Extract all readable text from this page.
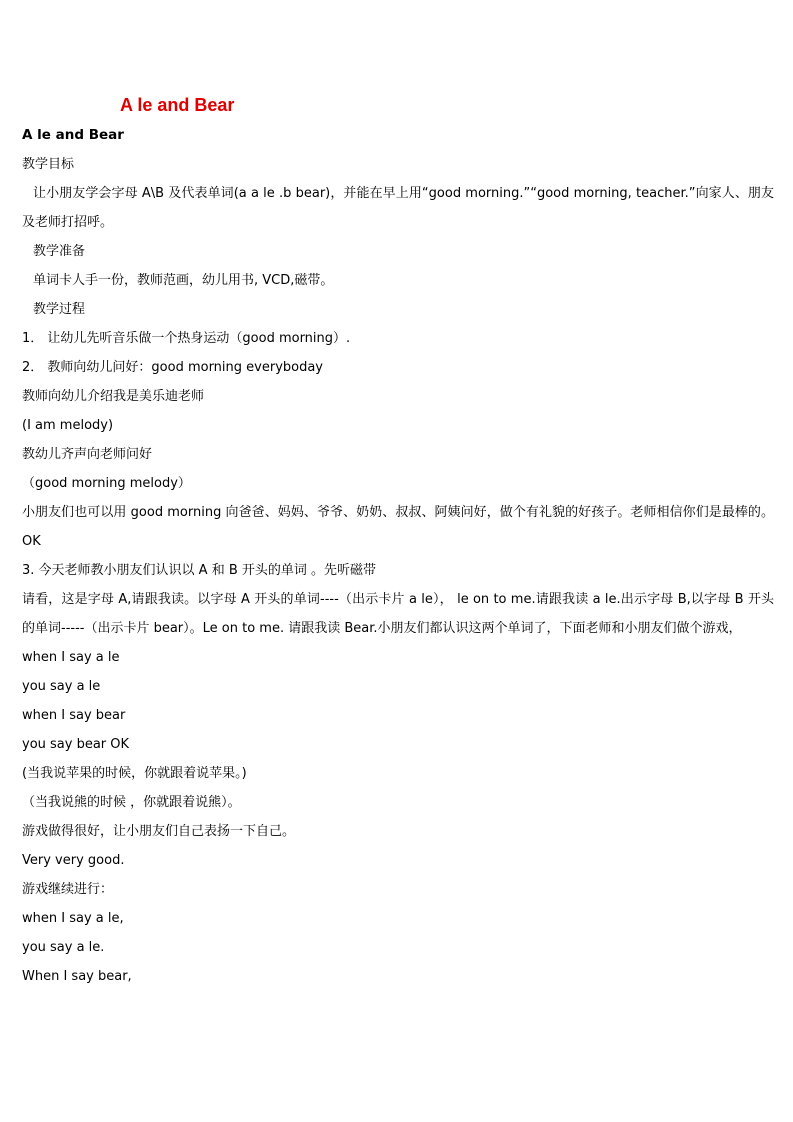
A le and Bear
A le and Bear
教学目标
让小朋友学会字母 A\B 及代表单词(a a le .b bear)，并能在早上用“good morning.”“good morning, teacher.”向家人、朋友及老师打招呼。
教学准备
单词卡人手一份，教师范画，幼儿用书, VCD,磁带。
教学过程
1． 让幼儿先听音乐做一个热身运动（good morning）.
2． 教师向幼儿问好：good morning everyboday
教师向幼儿介绍我是美乐迪老师
(I am melody)
教幼儿齐声向老师问好
（good morning melody）
小朋友们也可以用 good morning 向爸爸、妈妈、爷爷、奶奶、叔叔、阿姨问好，做个有礼貌的好孩子。老师相信你们是最棒的。OK
3. 今天老师教小朋友们认识以 A 和 B 开头的单词 。先听磁带
请看，这是字母 A,请跟我读。以字母 A 开头的单词----（出示卡片 a le）， le on to me.请跟我读 a le.出示字母 B,以字母 B 开头的单词-----（出示卡片 bear）。Le on to me. 请跟我读 Bear.小朋友们都认识这两个单词了，下面老师和小朋友们做个游戏，
when I say a le
you say a le
when I say bear
you say bear OK
(当我说苹果的时候，你就跟着说苹果。)
（当我说熊的时候 ，你就跟着说熊）。
游戏做得很好，让小朋友们自己表扬一下自己。
Very very good.
游戏继续进行：
when I say a le,
you say a le.
When I say bear,
